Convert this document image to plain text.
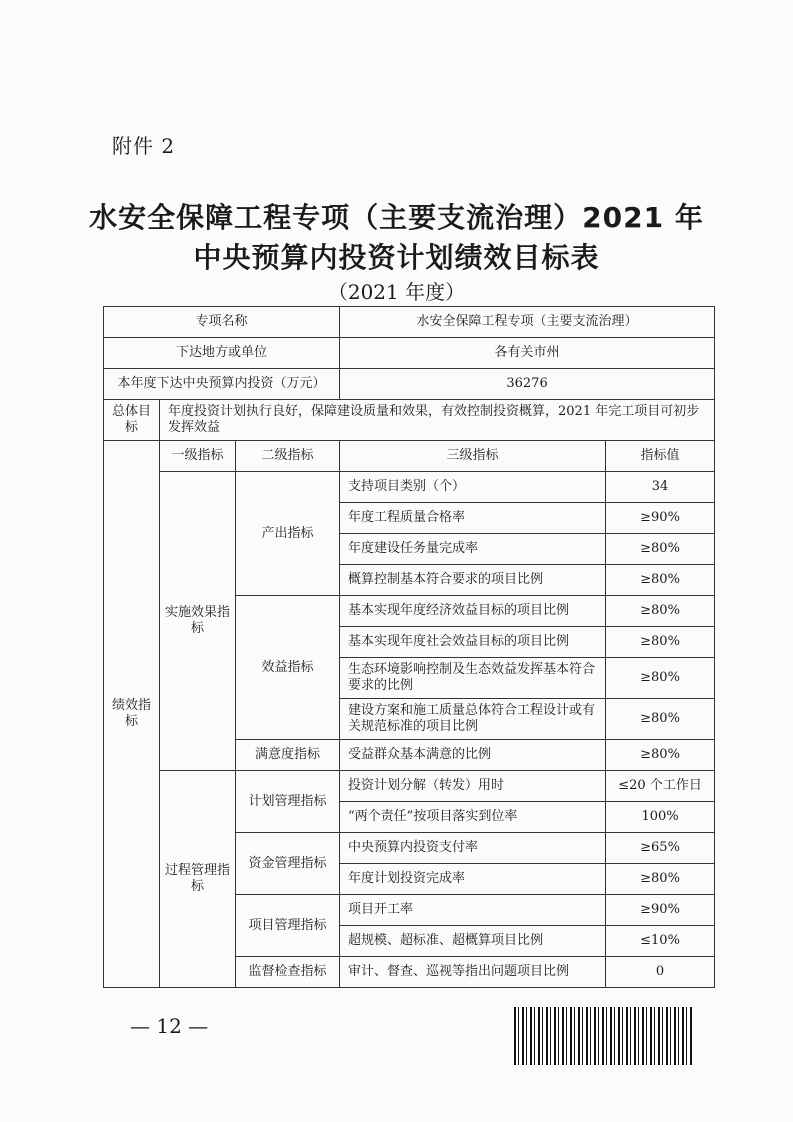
附件 2
水安全保障工程专项（主要支流治理）2021 年
中央预算内投资计划绩效目标表
（2021 年度）
专项名称			水安全保障工程专项（主要支流治理）	
下达地方或单位			各有关市州	
本年度下达中央预算内投资（万元）			36276	
总体目标	年度投资计划执行良好，保障建设质量和效果，有效控制投资概算，2021 年完工项目可初步发挥效益			
绩效指标	一级指标	二级指标	三级指标	指标值
	实施效果指标	产出指标	支持项目类别（个）	34
			年度工程质量合格率	≥90%
			年度建设任务量完成率	≥80%
			概算控制基本符合要求的项目比例	≥80%
		效益指标	基本实现年度经济效益目标的项目比例	≥80%
			基本实现年度社会效益目标的项目比例	≥80%
			生态环境影响控制及生态效益发挥基本符合要求的比例	≥80%
			建设方案和施工质量总体符合工程设计或有关规范标准的项目比例	≥80%
		满意度指标	受益群众基本满意的比例	≥80%
	过程管理指标	计划管理指标	投资计划分解（转发）用时	≤20 个工作日
			“两个责任”按项目落实到位率	100%
		资金管理指标	中央预算内投资支付率	≥65%
			年度计划投资完成率	≥80%
		项目管理指标	项目开工率	≥90%
			超规模、超标准、超概算项目比例	≤10%
		监督检查指标	审计、督查、巡视等指出问题项目比例	0
— 12 —
